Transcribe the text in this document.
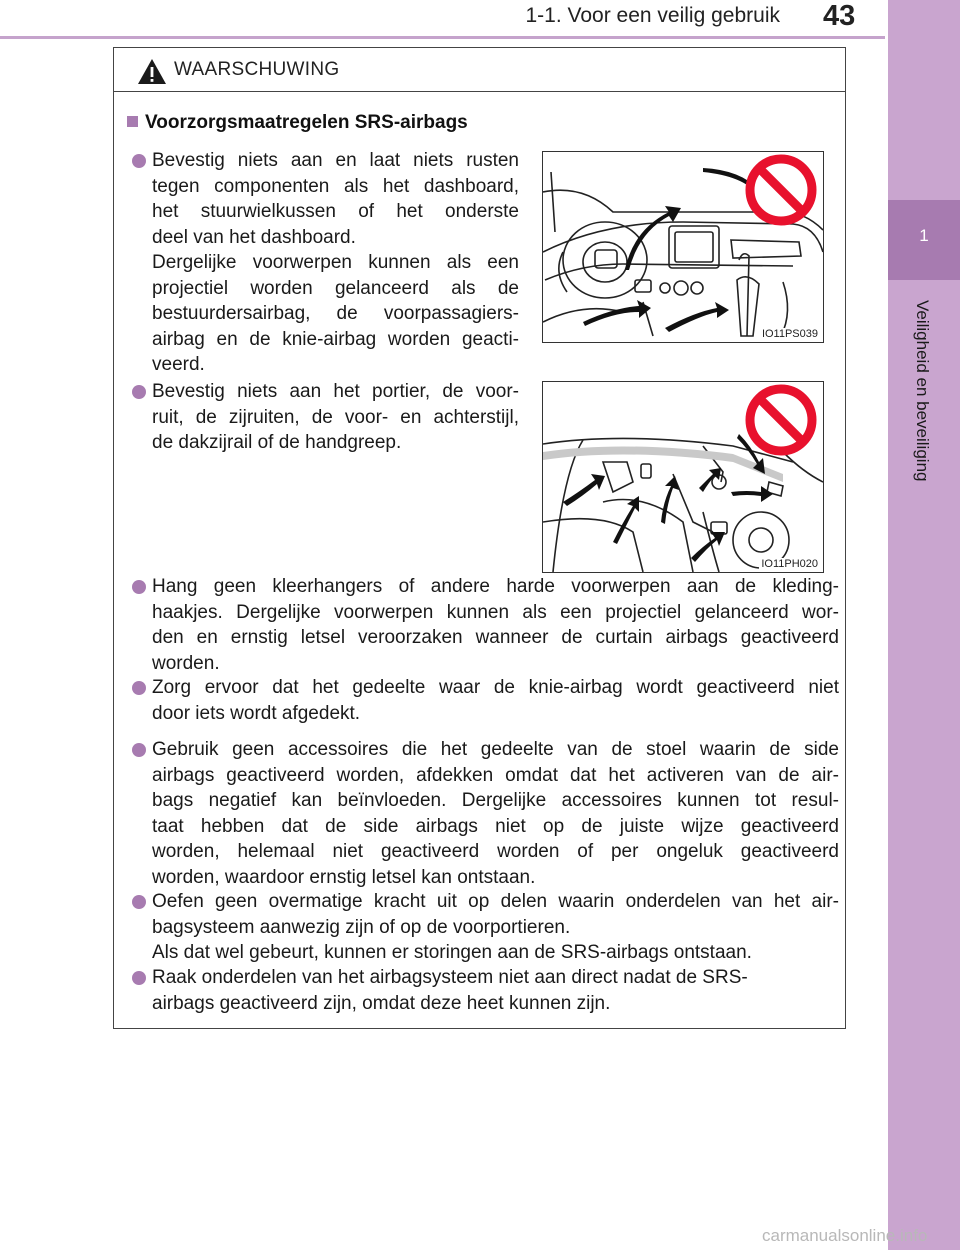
1-1. Voor een veilig gebruik 43
1
Veiligheid en beveiliging
WAARSCHUWING
Voorzorgsmaatregelen SRS-airbags
Bevestig niets aan en laat niets rusten
tegen componenten als het dashboard,
het stuurwielkussen of het onderste
deel van het dashboard.
Dergelijke voorwerpen kunnen als een
projectiel worden gelanceerd als de
bestuurdersairbag, de voorpassagiers-
airbag en de knie-airbag worden geacti-
veerd.
IO11PS039
Bevestig niets aan het portier, de voor-
ruit, de zijruiten, de voor- en achterstijl,
de dakzijrail of de handgreep.
IO11PH020
Hang geen kleerhangers of andere harde voorwerpen aan de kleding-
haakjes. Dergelijke voorwerpen kunnen als een projectiel gelanceerd wor-
den en ernstig letsel veroorzaken wanneer de curtain airbags geactiveerd
worden.
Zorg ervoor dat het gedeelte waar de knie-airbag wordt geactiveerd niet
door iets wordt afgedekt.
Gebruik geen accessoires die het gedeelte van de stoel waarin de side
airbags geactiveerd worden, afdekken omdat dat het activeren van de air-
bags negatief kan beïnvloeden. Dergelijke accessoires kunnen tot resul-
taat hebben dat de side airbags niet op de juiste wijze geactiveerd
worden, helemaal niet geactiveerd worden of per ongeluk geactiveerd
worden, waardoor ernstig letsel kan ontstaan.
Oefen geen overmatige kracht uit op delen waarin onderdelen van het air-
bagsysteem aanwezig zijn of op de voorportieren.
Als dat wel gebeurt, kunnen er storingen aan de SRS-airbags ontstaan.
Raak onderdelen van het airbagsysteem niet aan direct nadat de SRS-
airbags geactiveerd zijn, omdat deze heet kunnen zijn.
carmanualsonline.info
